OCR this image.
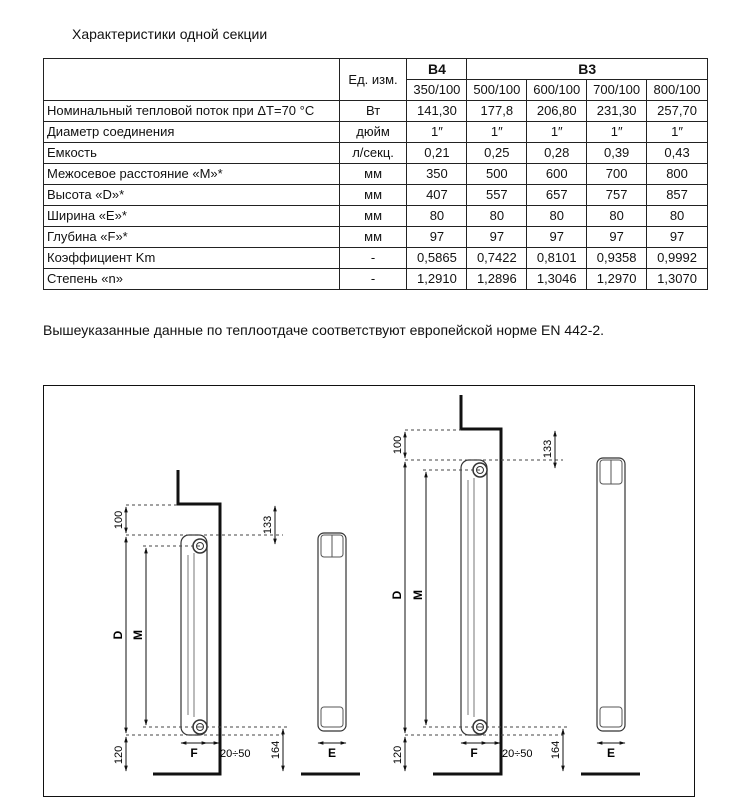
Характеристики одной секции
	Ед. изм.	B4	B3			
		350/100	500/100	600/100	700/100	800/100
Номинальный тепловой поток при ΔT=70 °C	Вт	141,30	177,8	206,80	231,30	257,70
Диаметр соединения	дюйм	1″	1″	1″	1″	1″
Емкость	л/секц.	0,21	0,25	0,28	0,39	0,43
Межосевое расстояние «M»*	мм	350	500	600	700	800
Высота «D»*	мм	407	557	657	757	857
Ширина «E»*	мм	80	80	80	80	80
Глубина «F»*	мм	97	97	97	97	97
Коэффициент Km	-	0,5865	0,7422	0,8101	0,9358	0,9992
Степень «n»	-	1,2910	1,2896	1,3046	1,2970	1,3070
Вышеуказанные данные по теплоотдаче соответствуют европейской норме EN 442-2.
100
D M
120
133
164
F 20÷50	E
100
D M
120
133
164
F 20÷50	E
